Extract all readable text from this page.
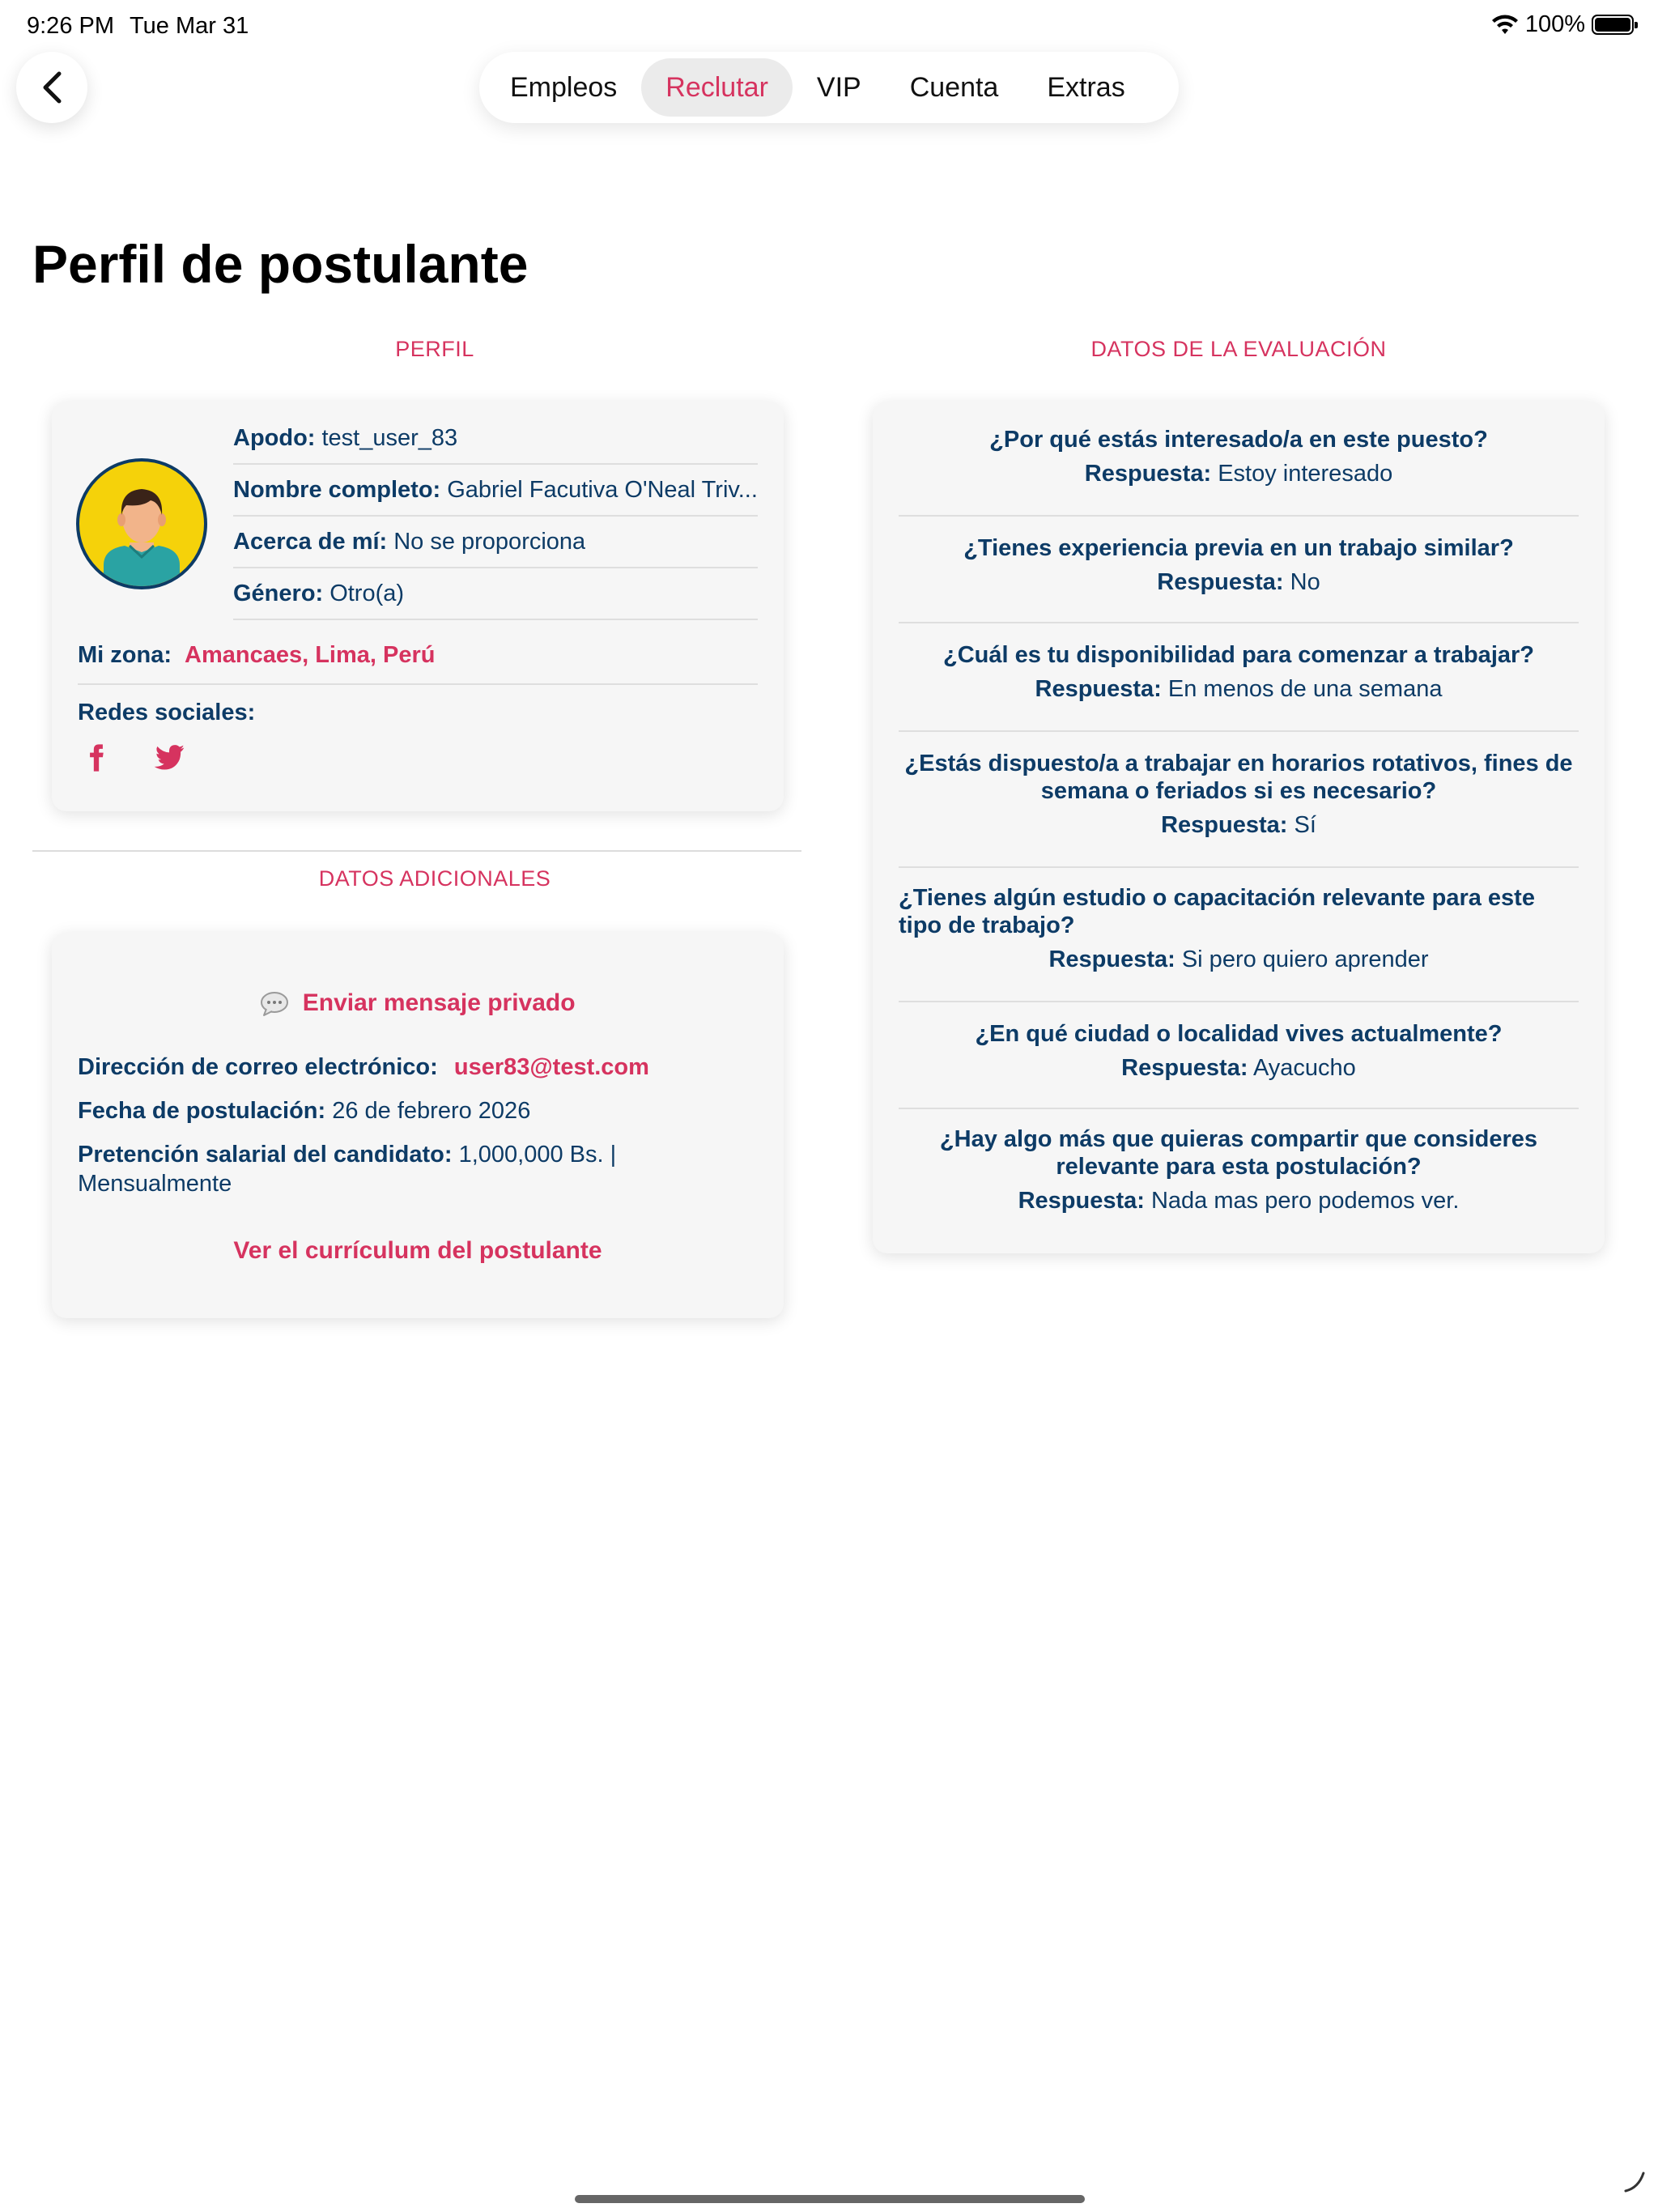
9:26 PM Tue Mar 31	100%
Empleos	Reclutar	VIP	Cuenta	Extras
Perfil de postulante
PERFIL	DATOS DE LA EVALUACIÓN
DATOS ADICIONALES
Apodo: test_user_83
Nombre completo: Gabriel Facutiva O'Neal Triv...
Acerca de mí: No se proporciona
Género: Otro(a)
Mi zona: Amancaes, Lima, Perú
Redes sociales:
Enviar mensaje privado
Dirección de correo electrónico: user83@test.com
Fecha de postulación: 26 de febrero 2026
Pretención salarial del candidato: 1,000,000 Bs. | Mensualmente
Ver el currículum del postulante
¿Por qué estás interesado/a en este puesto?
Respuesta: Estoy interesado
¿Tienes experiencia previa en un trabajo similar?
Respuesta: No
¿Cuál es tu disponibilidad para comenzar a trabajar?
Respuesta: En menos de una semana
¿Estás dispuesto/a a trabajar en horarios rotativos, fines de semana o feriados si es necesario?
Respuesta: Sí
¿Tienes algún estudio o capacitación relevante para este tipo de trabajo?
Respuesta: Si pero quiero aprender
¿En qué ciudad o localidad vives actualmente?
Respuesta: Ayacucho
¿Hay algo más que quieras compartir que consideres relevante para esta postulación?
Respuesta: Nada mas pero podemos ver.
